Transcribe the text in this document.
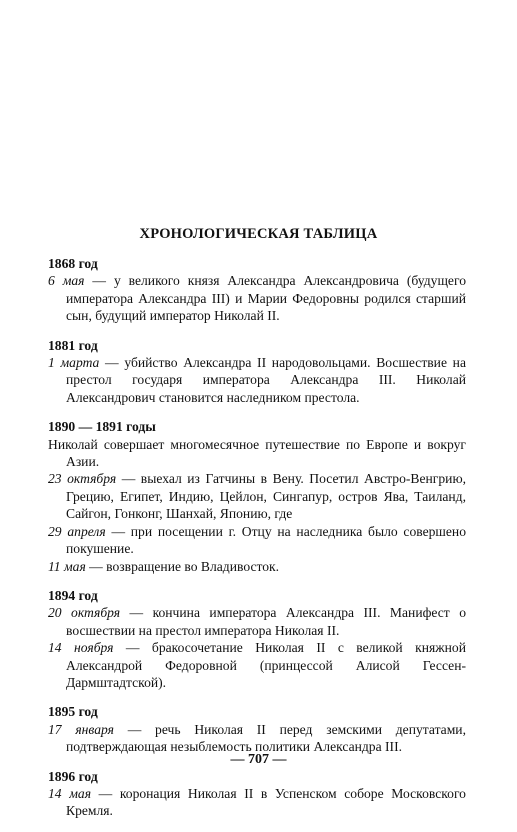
ХРОНОЛОГИЧЕСКАЯ ТАБЛИЦА
1868 год

6 мая — у великого князя Александра Александровича (будущего императора Александра III) и Марии Федоровны родился старший сын, будущий император Николай II.

1881 год

1 марта — убийство Александра II народовольцами. Восшествие на престол государя императора Александра III. Николай Александрович становится наследником престола.

1890 — 1891 годы

Николай совершает многомесячное путешествие по Европе и вокруг Азии.

23 октября — выехал из Гатчины в Вену. Посетил Австро-Венгрию, Грецию, Египет, Индию, Цейлон, Сингапур, остров Ява, Таиланд, Сайгон, Гонконг, Шанхай, Японию, где

29 апреля — при посещении г. Отцу на наследника было совершено покушение.

11 мая — возвращение во Владивосток.

1894 год

20 октября — кончина императора Александра III. Манифест о восшествии на престол императора Николая II.

14 ноября — бракосочетание Николая II с великой княжной Александрой Федоровной (принцессой Алисой Гессен-Дармштадтской).

1895 год

17 января — речь Николая II перед земскими депутатами, подтверждающая незыблемость политики Александра III.

1896 год

14 мая — коронация Николая II в Успенском соборе Московского Кремля.

— 707 —
